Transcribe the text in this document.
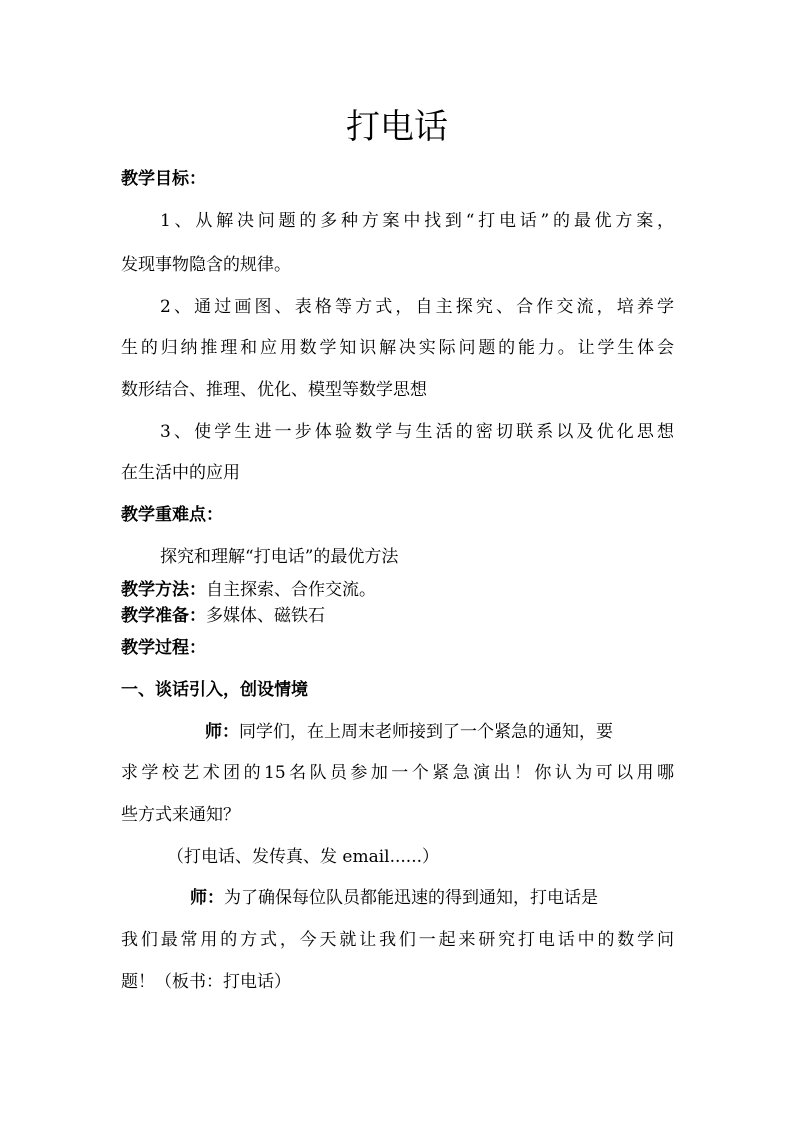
打电话
教学目标：
1、从解决问题的多种方案中找到“打电话”的最优方案，
发现事物隐含的规律。
2、通过画图、表格等方式，自主探究、合作交流，培养学
生的归纳推理和应用数学知识解决实际问题的能力。让学生体会
数形结合、推理、优化、模型等数学思想
3、使学生进一步体验数学与生活的密切联系以及优化思想
在生活中的应用
教学重难点：
探究和理解“打电话”的最优方法
教学方法：自主探索、合作交流。
教学准备：多媒体、磁铁石
教学过程：
一、谈话引入，创设情境
师：同学们，在上周末老师接到了一个紧急的通知，要
求学校艺术团的15名队员参加一个紧急演出！你认为可以用哪
些方式来通知？
（打电话、发传真、发 email......）
师：为了确保每位队员都能迅速的得到通知，打电话是
我们最常用的方式，今天就让我们一起来研究打电话中的数学问
题！（板书：打电话）
